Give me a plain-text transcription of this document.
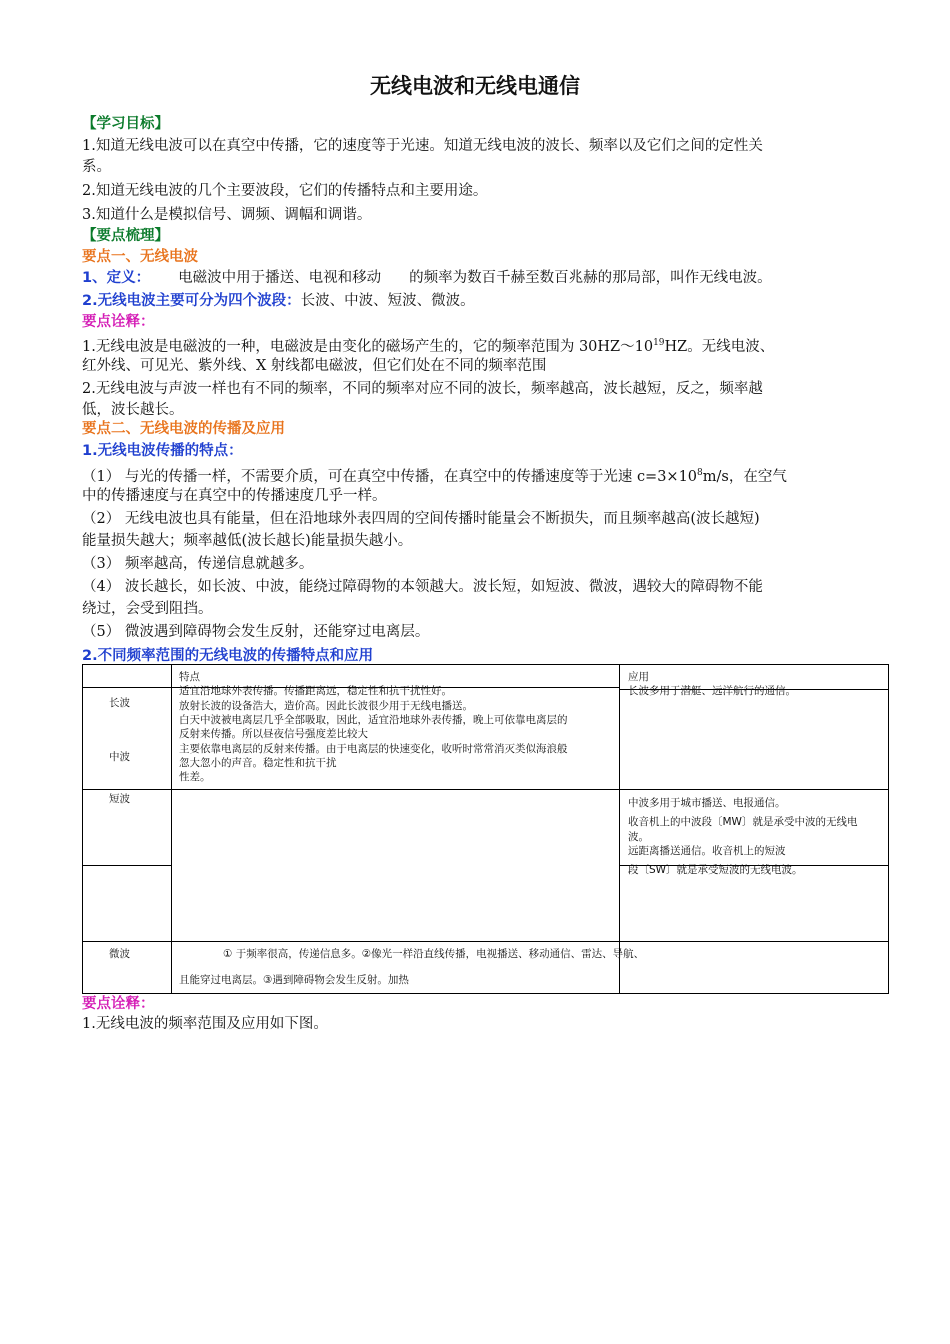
无线电波和无线电通信
【学习目标】
1.知道无线电波可以在真空中传播，它的速度等于光速。知道无线电波的波长、频率以及它们之间的定性关
系。
2.知道无线电波的几个主要波段，它们的传播特点和主要用途。
3.知道什么是模拟信号、调频、调幅和调谐。
【要点梳理】
要点一、无线电波
1、定义： 电磁波中用于播送、电视和移动 的频率为数百千赫至数百兆赫的那局部，叫作无线电波。
2.无线电波主要可分为四个波段：长波、中波、短波、微波。
要点诠释：
1.无线电波是电磁波的一种，电磁波是由变化的磁场产生的，它的频率范围为 $30HZ\sim 10^{19}HZ$。无线电波、
红外线、可见光、紫外线、X 射线都电磁波，但它们处在不同的频率范围
2.无线电波与声波一样也有不同的频率，不同的频率对应不同的波长，频率越高，波长越短，反之，频率越
低，波长越长。
要点二、无线电波的传播及应用
1.无线电波传播的特点：
（1） 与光的传播一样，不需要介质，可在真空中传播，在真空中的传播速度等于光速 $c=3\times 10^8m/s$，在空气
中的传播速度与在真空中的传播速度几乎一样。
（2） 无线电波也具有能量，但在沿地球外表四周的空间传播时能量会不断损失，而且频率越高(波长越短)
能量损失越大；频率越低(波长越长)能量损失越小。
（3） 频率越高，传递信息就越多。
（4） 波长越长，如长波、中波，能绕过障碍物的本领越大。波长短，如短波、微波，遇较大的障碍物不能
绕过，会受到阻挡。
（5） 微波遇到障碍物会发生反射，还能穿过电离层。
2.不同频率范围的无线电波的传播特点和应用
特点	应用
长波
中波
短波
微波
适宜沿地球外表传播。传播距离远，稳定性和抗干扰性好。
放射长波的设备浩大，造价高。因此长波很少用于无线电播送。
白天中波被电离层几乎全部吸取，因此，适宜沿地球外表传播，晚上可依靠电离层的
反射来传播。所以昼夜信号强度差比较大
主要依靠电离层的反射来传播。由于电离层的快速变化，收听时常常消灭类似海浪般
忽大忽小的声音。稳定性和抗干扰
性差。
长波多用于潜艇、远洋航行的通信。
中波多用于城市播送、电报通信。
收音机上的中波段〔MW〕就是承受中波的无线电
波。
远距离播送通信。收音机上的短波
段〔SW〕就是承受短波的无线电波。
① 于频率很高，传递信息多。②像光一样沿直线传播，电视播送、移动通信、雷达、导航、
且能穿过电离层。③遇到障碍物会发生反射。加热
要点诠释：
1.无线电波的频率范围及应用如下图。
